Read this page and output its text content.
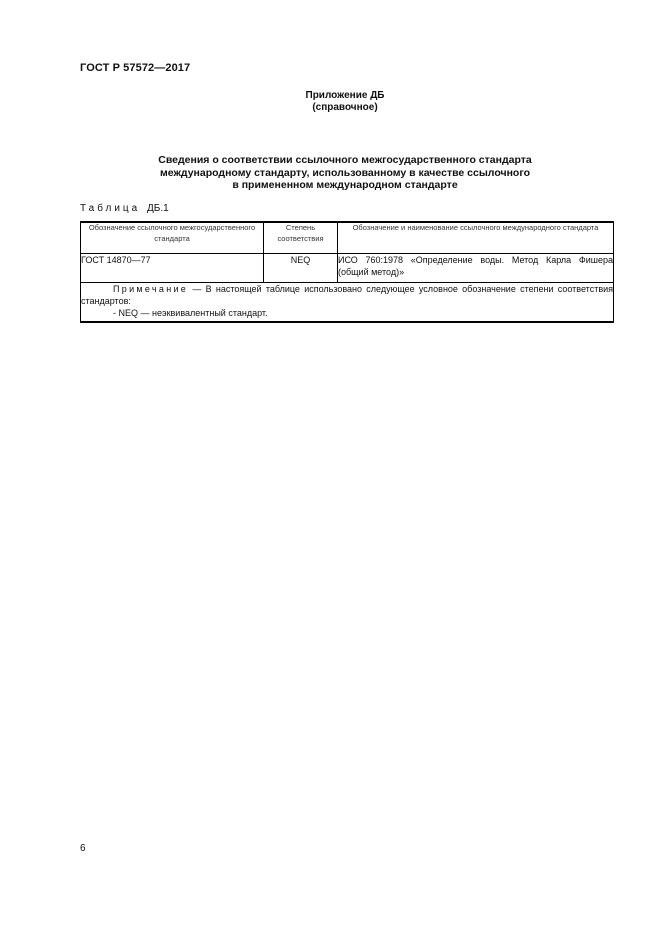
ГОСТ Р 57572—2017
Приложение ДБ
(справочное)
Сведения о соответствии ссылочного межгосударственного стандарта
международному стандарту, использованному в качестве ссылочного
в примененном международном стандарте
Таблица ДБ.1
Обозначение ссылочного межгосударственного стандарта	Степень соответствия	Обозначение и наименование ссылочного международного стандарта
ГОСТ 14870—77	NEQ	ИСО 760:1978 «Определение воды. Метод Карла Фишера (общий метод)»

Примечание — В настоящей таблице использовано следующее условное обозначение степени соответствия стандартов:

- NEQ — неэквивалентный стандарт.		

6
